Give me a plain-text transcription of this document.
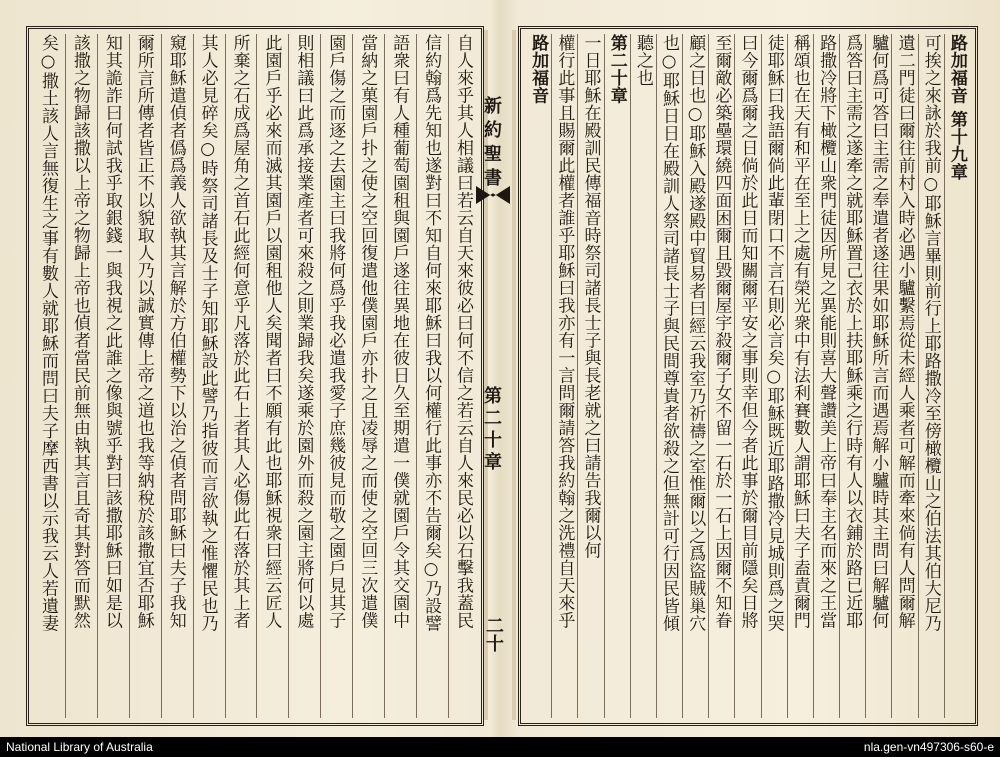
自人來乎其人相議曰若云自天來彼必曰何不信之若云自人來民必以石擊我蓋民
信約翰爲先知也遂對曰不知自何來耶穌曰我以何權行此事亦不告爾矣○乃設譬
語衆曰有人種葡萄園租與園戶遂往異地在彼日久至期遣一僕就園戶令其交園中
當納之菓園戶扑之使之空回復遣他僕園戶亦扑之且凌辱之而使之空回三次遣僕
園戶傷之而逐之去園主曰我將何爲乎我必遣我愛子庶幾彼見而敬之園戶見其子
則相議曰此爲承接業產者可來殺之則業歸我矣遂乘於園外而殺之園主將何以處
此園戶乎必來而滅其園戶以園租他人矣聞者曰不願有此也耶穌視衆曰經云匠人
所棄之石成爲屋角之首石此經何意乎凡落於此石上者其人必傷此石落於其上者
其人必見碎矣○時祭司諸長及士子知耶穌設此譬乃指彼而言欲執之惟懼民也乃
窺耶穌遣偵者僞爲義人欲執其言解於方伯權勢下以治之偵者問耶穌曰夫子我知
爾所言所傳者皆正不以貌取人乃以誠實傳上帝之道也我等納稅於該撒宜否耶穌
知其詭詐曰何試我乎取銀錢一與我視之此誰之像與號乎對曰該撒耶穌曰如是以
該撒之物歸該撒以上帝之物歸上帝也偵者當民前無由執其言且奇其對答而默然
矣○撒土該人言無復生之事有數人就耶穌而問曰夫子摩西書以示我云人若遺妻	新約聖書
第二十章
二十
路加福音 第十九章
可挨之來詠於我前○耶穌言畢則前行上耶路撒冷至傍橄欖山之伯法其伯大尼乃
遺二門徒曰爾往前村入時必遇小驢繫焉從未經人乘者可解而牽來倘有人問爾解
驢何爲可答曰主需之奉遣者遂往果如耶穌所言而遇焉解小驢時其主問曰解驢何
爲答曰主需之遂牽之就耶穌置己衣於上扶耶穌乘之行時有人以衣鋪於路已近耶
路撒冷將下橄欖山衆門徒因所見之異能則喜大聲讚美上帝曰奉主名而來之王當
稱頌也在天有和平在至上之處有榮光衆中有法利賽數人謂耶穌曰夫子盍責爾門
徒耶穌曰我語爾倘此輩閉口不言石則必言矣○耶穌既近耶路撒冷見城則爲之哭
曰今爾爲爾之日倘於此日而知關爾平安之事則幸但今者此事於爾目前隱矣日將
至爾敵必築壘環繞四面困爾且毀爾屋宇殺爾子女不留一石於一石上因爾不知眷
顧之日也○耶穌入殿遂殿中貿易者曰經云我室乃祈禱之室惟爾以之爲盜賊巢穴
也○耶穌日日在殿訓人祭司諸長士子與民間尊貴者欲殺之但無計可行因民皆傾
聽之也
第二十章
一日耶穌在殿訓民傳福音時祭司諸長士子與長老就之曰請告我爾以何
權行此事且賜爾此權者誰乎耶穌曰我亦有一言問爾請答我約翰之洗禮自天來乎
路加福音
National Library of Australia	nla.gen-vn497306-s60-e
